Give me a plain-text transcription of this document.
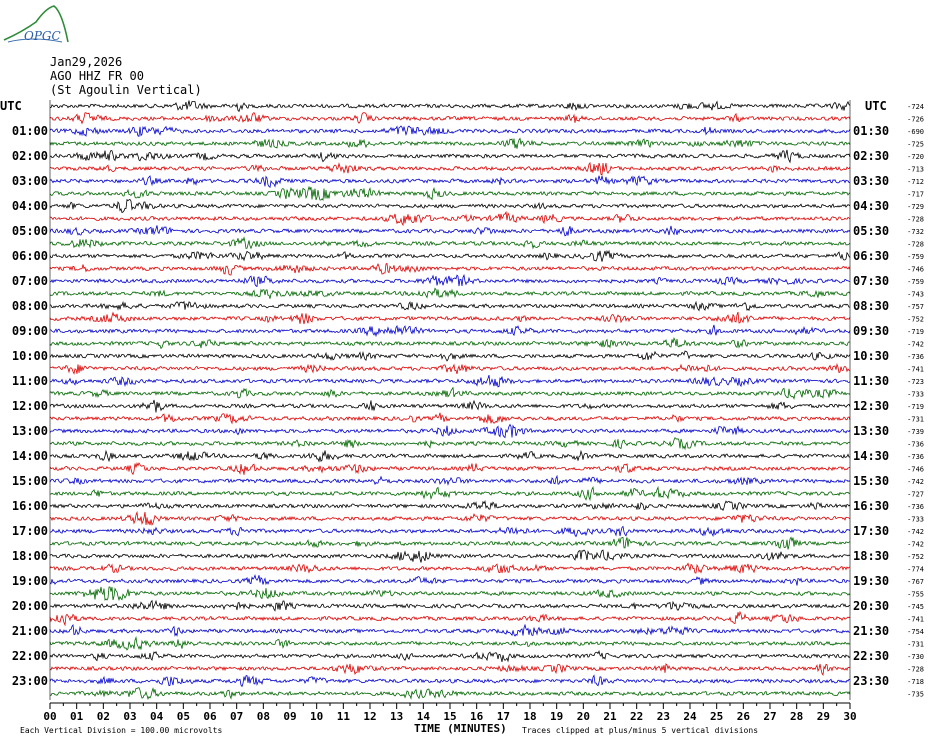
OPGC
Jan29,2026
AGO HHZ FR 00
(St Agoulin Vertical)
-724
-726
-690
-725
-720
-713
-712
-717
-729
-728
-732
-728
-759
-746
-759
-743
-757
-752
-719
-742
-736
-741
-723
-733
-719
-731
-739
-736
-736
-746
-742
-727
-736
-733
-742
-742
-752
-774
-767
-755
-745
-741
-754
-731
-730
-728
-718
-735
UTC	UTC
01:00
02:00
03:00
04:00
05:00
06:00
07:00
08:00
09:00
10:00
11:00
12:00
13:00
14:00
15:00
16:00
17:00
18:00
19:00
20:00
21:00
22:00
23:00
01:30
02:30
03:30
04:30
05:30
06:30
07:30
08:30
09:30
10:30
11:30
12:30
13:30
14:30
15:30
16:30
17:30
18:30
19:30
20:30
21:30
22:30
23:30
00 01 02 03 04 05 06 07 08 09 10 11 12 13 14 15 16 17 18 19 20 21 22 23 24 25 26 27 28 29 30
TIME (MINUTES)
Each Vertical Division = 100.00 microvolts	Traces clipped at plus/minus 5 vertical divisions
